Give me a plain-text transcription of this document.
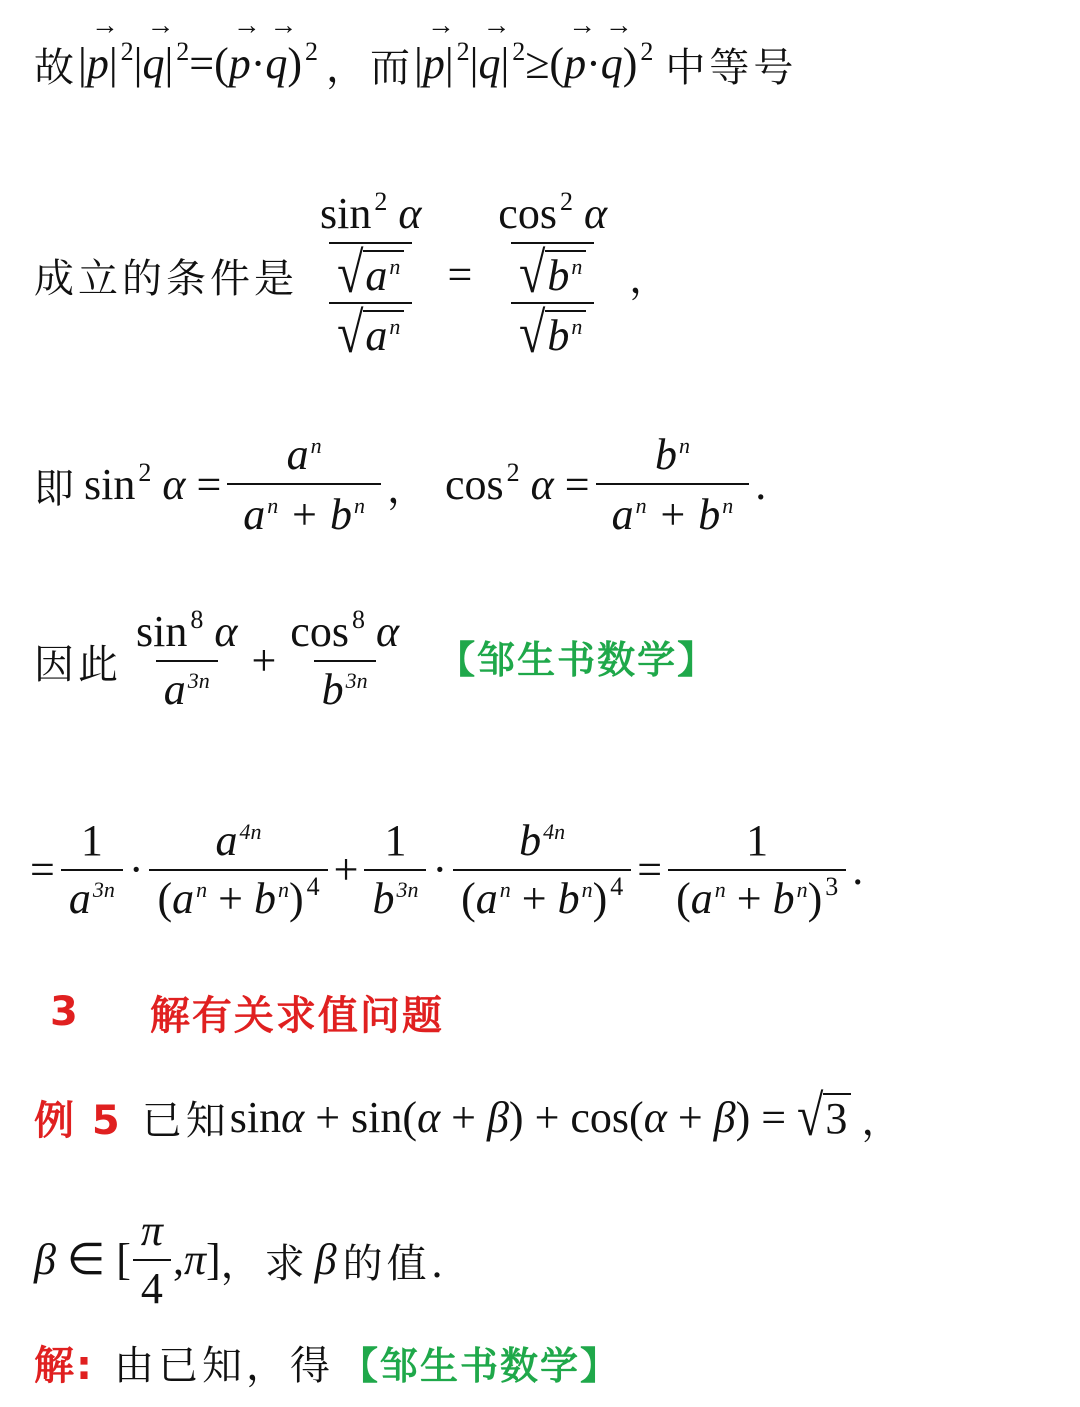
故 |→ p| $^2$|→ q| $^2$=(→ p·→ q) $^2$ ，而 |→ p| $^2$|→ q| $^2$≥(→ p·→ q) $^2$ 中等号
成立的条件是 $\frac{\frac{\sin ^2 \alpha}{√ a^n}}{√ a^n} = \frac{\frac{\cos ^2 \alpha}{√ b^n}}{√ b^n}$ ，
即 sin $^2$ $\alpha = \frac{a^n}{a^n + b^n}$ ， cos $^2$ $\alpha = \frac{b^n}{a^n + b^n}$ .
因此 $\frac{\sin ^8 \alpha}{a^{3n}} + \frac{\cos ^8 \alpha}{b^{3n}}$ 【邹生书数学】
= $\frac{1}{a^{3n}} \cdot \frac{a^{4n}}{(a^n + b^n) ^4} + \frac{1}{b^{3n}} \cdot \frac{b^{4n}}{(a^n + b^n) ^4} = \frac{1}{(a^n + b^n) ^3}$ .
3 解有关求值问题
例 5 已知 sinα + sin(α + β) + cos(α + β) = √ 3 ，
β ∈ [ $\frac{\pi}{4} ,\pi$] ，求 β 的值.
解: 由已知，得 【邹生书数学】
